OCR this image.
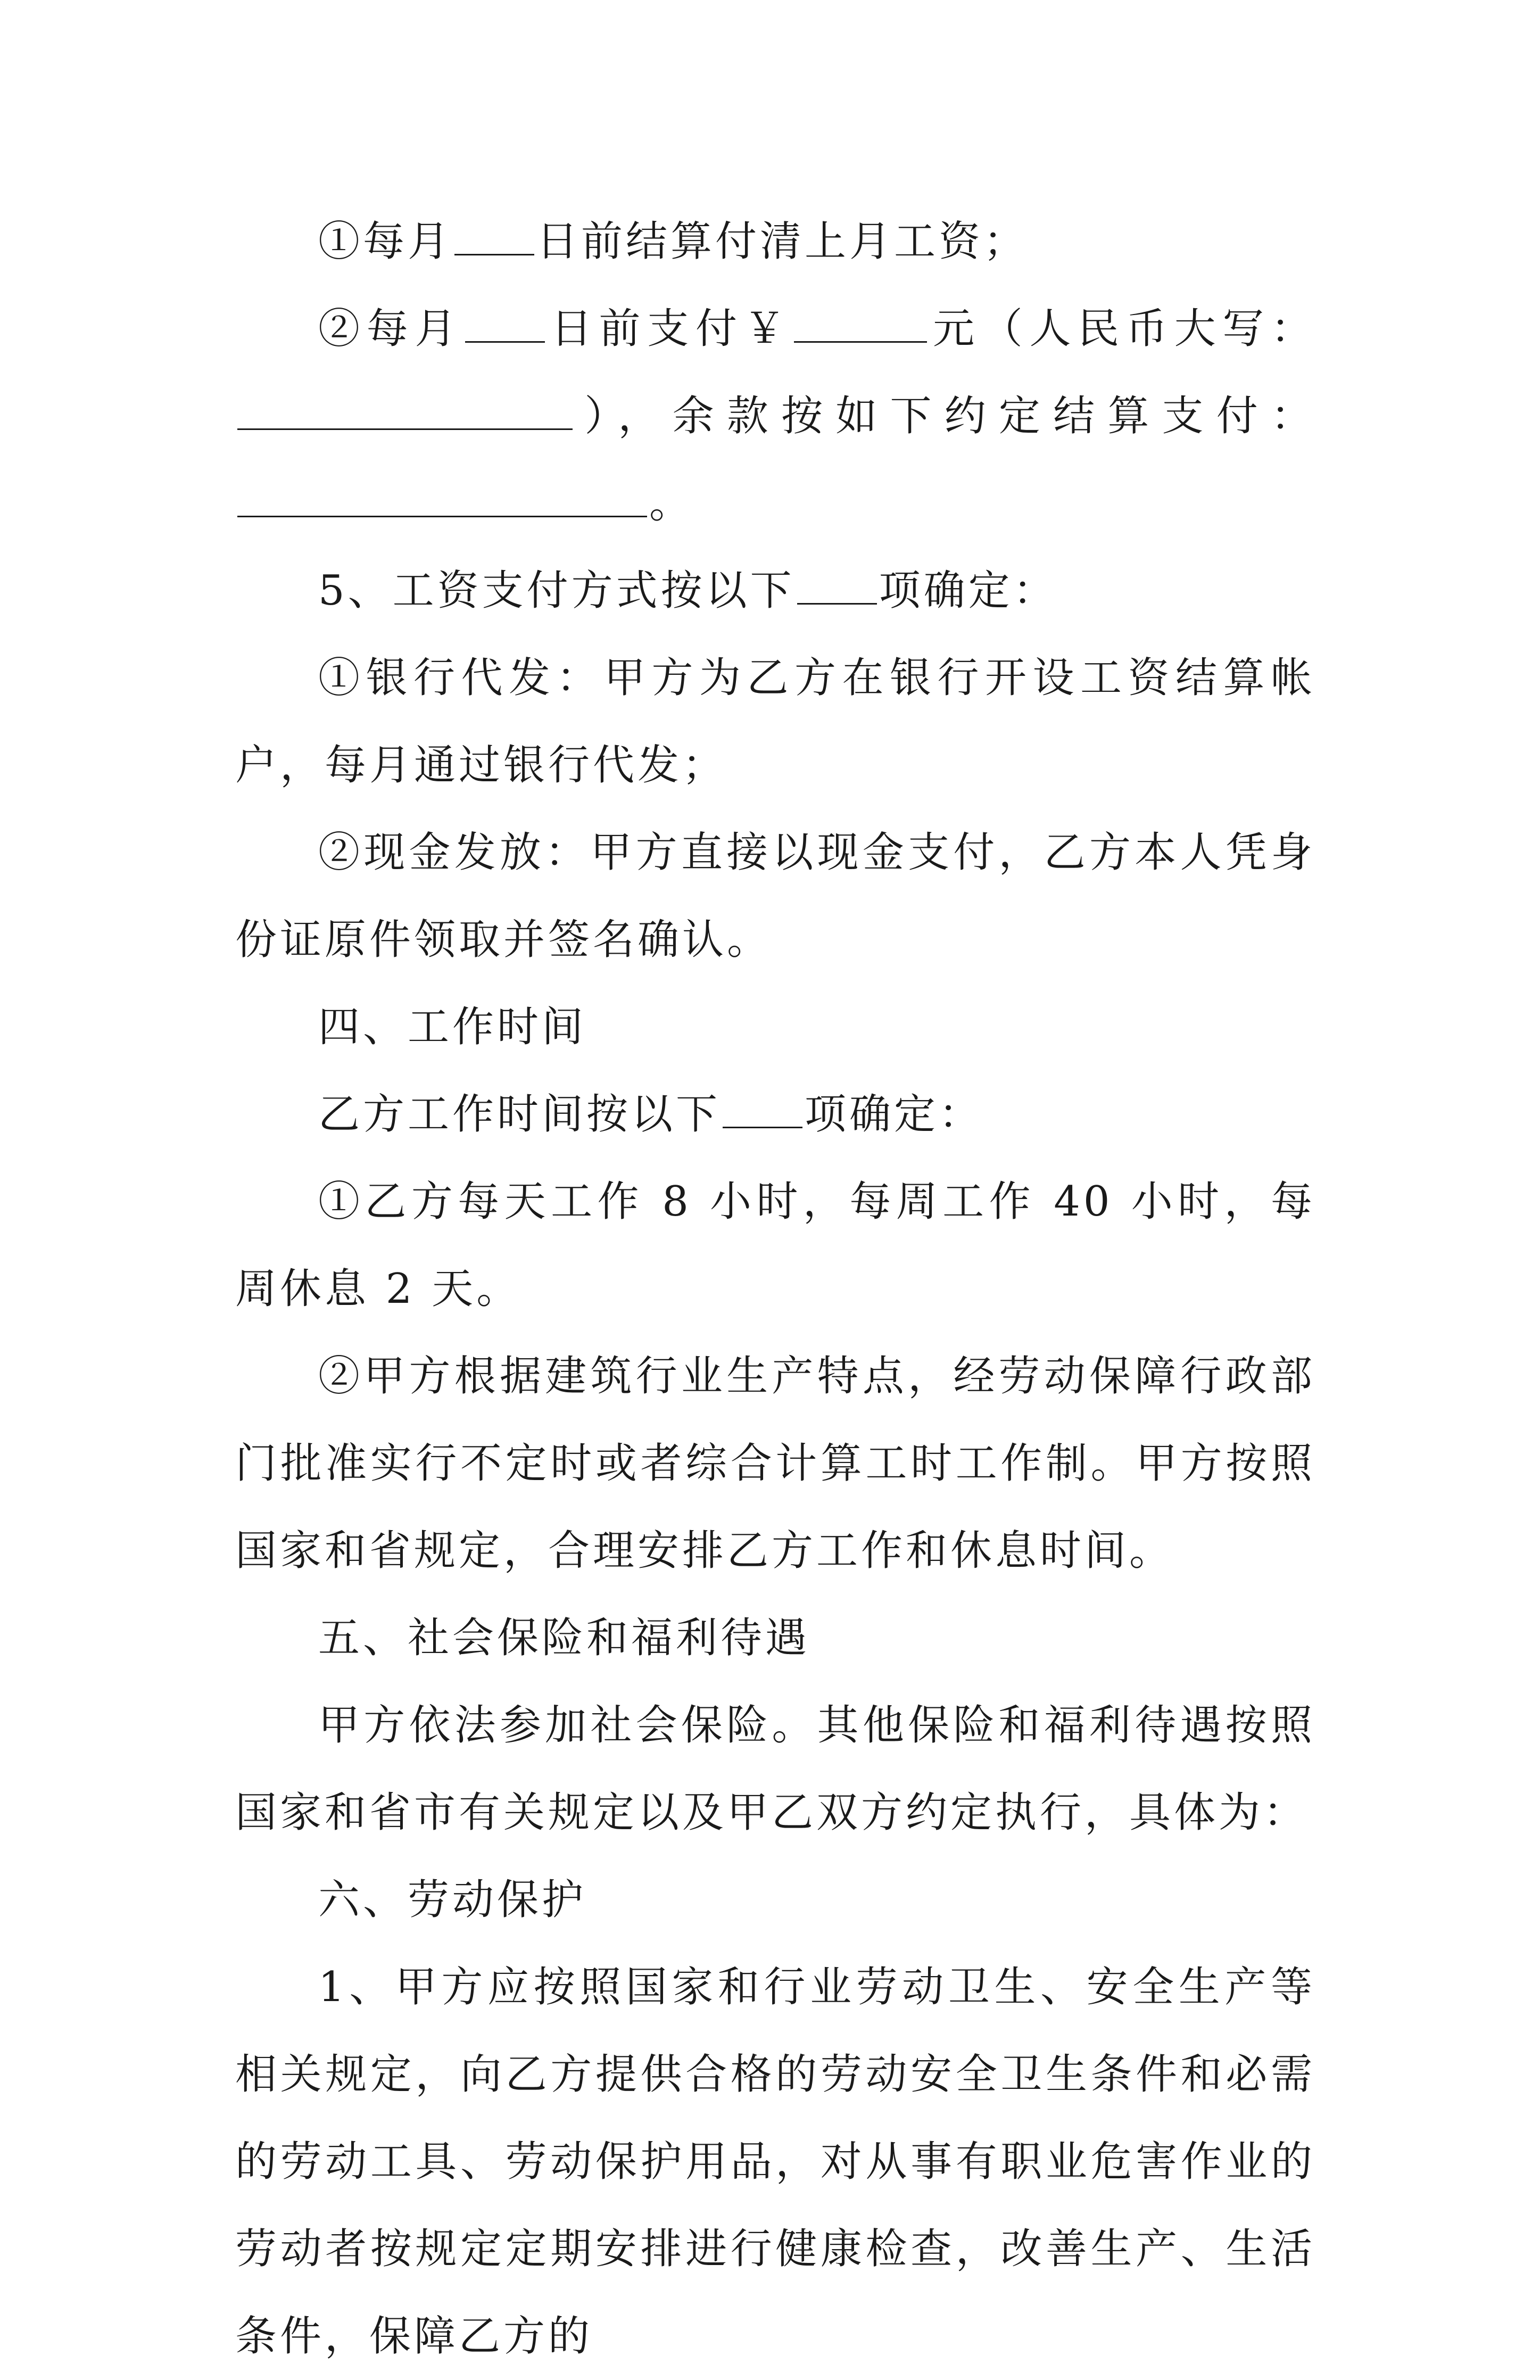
①每月 日前结算付清上月工资；

②每月 日前支付￥	元（人民币大写：

），余款按如下约定结算支付：

。

5、工资支付方式按以下 项确定：

①银行代发：甲方为乙方在银行开设工资结算帐户，每月通过银行代发；

②现金发放：甲方直接以现金支付，乙方本人凭身份证原件领取并签名确认。

四、工作时间

乙方工作时间按以下 项确定：

①乙方每天工作 8 小时，每周工作 40 小时，每周休息 2 天。

②甲方根据建筑行业生产特点，经劳动保障行政部门批准实行不定时或者综合计算工时工作制。甲方按照国家和省规定，合理安排乙方工作和休息时间。

五、社会保险和福利待遇

甲方依法参加社会保险。其他保险和福利待遇按照国家和省市有关规定以及甲乙双方约定执行，具体为：

六、劳动保护

1、甲方应按照国家和行业劳动卫生、安全生产等相关规定，向乙方提供合格的劳动安全卫生条件和必需的劳动工具、劳动保护用品，对从事有职业危害作业的劳动者按规定定期安排进行健康检查，改善生产、生活条件，保障乙方的
